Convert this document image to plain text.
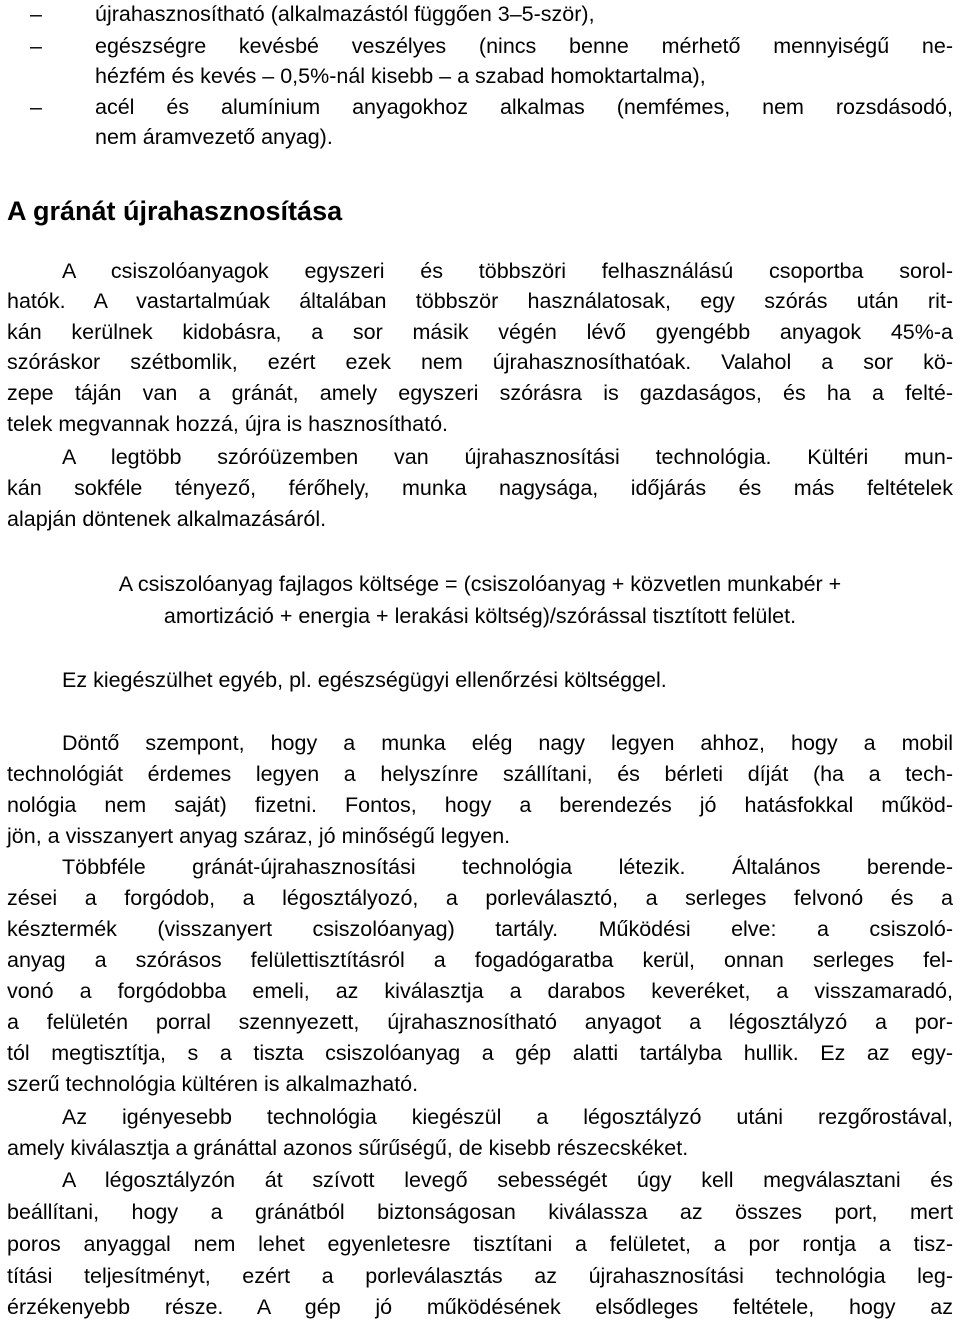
–	újrahasznosítható (alkalmazástól függően 3–5-ször),
–	egészségre kevésbé veszélyes (nincs benne mérhető mennyiségű ne-
hézfém és kevés – 0,5%-nál kisebb – a szabad homoktartalma),
–	acél és alumínium anyagokhoz alkalmas (nemfémes, nem rozsdásodó,
nem áramvezető anyag).
A gránát újrahasznosítása
A csiszolóanyagok egyszeri és többszöri felhasználású csoportba sorol-
hatók. A vastartalmúak általában többször használatosak, egy szórás után rit-
kán kerülnek kidobásra, a sor másik végén lévő gyengébb anyagok 45%-a
szóráskor szétbomlik, ezért ezek nem újrahasznosíthatóak. Valahol a sor kö-
zepe táján van a gránát, amely egyszeri szórásra is gazdaságos, és ha a felté-
telek megvannak hozzá, újra is hasznosítható.
A legtöbb szóróüzemben van újrahasznosítási technológia. Kültéri mun-
kán sokféle tényező, férőhely, munka nagysága, időjárás és más feltételek
alapján döntenek alkalmazásáról.
A csiszolóanyag fajlagos költsége = (csiszolóanyag + közvetlen munkabér +
amortizáció + energia + lerakási költség)/szórással tisztított felület.
Ez kiegészülhet egyéb, pl. egészségügyi ellenőrzési költséggel.
Döntő szempont, hogy a munka elég nagy legyen ahhoz, hogy a mobil
technológiát érdemes legyen a helyszínre szállítani, és bérleti díját (ha a tech-
nológia nem saját) fizetni. Fontos, hogy a berendezés jó hatásfokkal működ-
jön, a visszanyert anyag száraz, jó minőségű legyen.
Többféle gránát-újrahasznosítási technológia létezik. Általános berende-
zései a forgódob, a légosztályozó, a porleválasztó, a serleges felvonó és a
késztermék (visszanyert csiszolóanyag) tartály. Működési elve: a csiszoló-
anyag a szórásos felülettisztításról a fogadógaratba kerül, onnan serleges fel-
vonó a forgódobba emeli, az kiválasztja a darabos keveréket, a visszamaradó,
a felületén porral szennyezett, újrahasznosítható anyagot a légosztályzó a por-
tól megtisztítja, s a tiszta csiszolóanyag a gép alatti tartályba hullik. Ez az egy-
szerű technológia kültéren is alkalmazható.
Az igényesebb technológia kiegészül a légosztályzó utáni rezgőrostával,
amely kiválasztja a gránáttal azonos sűrűségű, de kisebb részecskéket.
A légosztályzón át szívott levegő sebességét úgy kell megválasztani és
beállítani, hogy a gránátból biztonságosan kiválassza az összes port, mert
poros anyaggal nem lehet egyenletesre tisztítani a felületet, a por rontja a tisz-
títási teljesítményt, ezért a porleválasztás az újrahasznosítási technológia leg-
érzékenyebb része. A gép jó működésének elsődleges feltétele, hogy az
